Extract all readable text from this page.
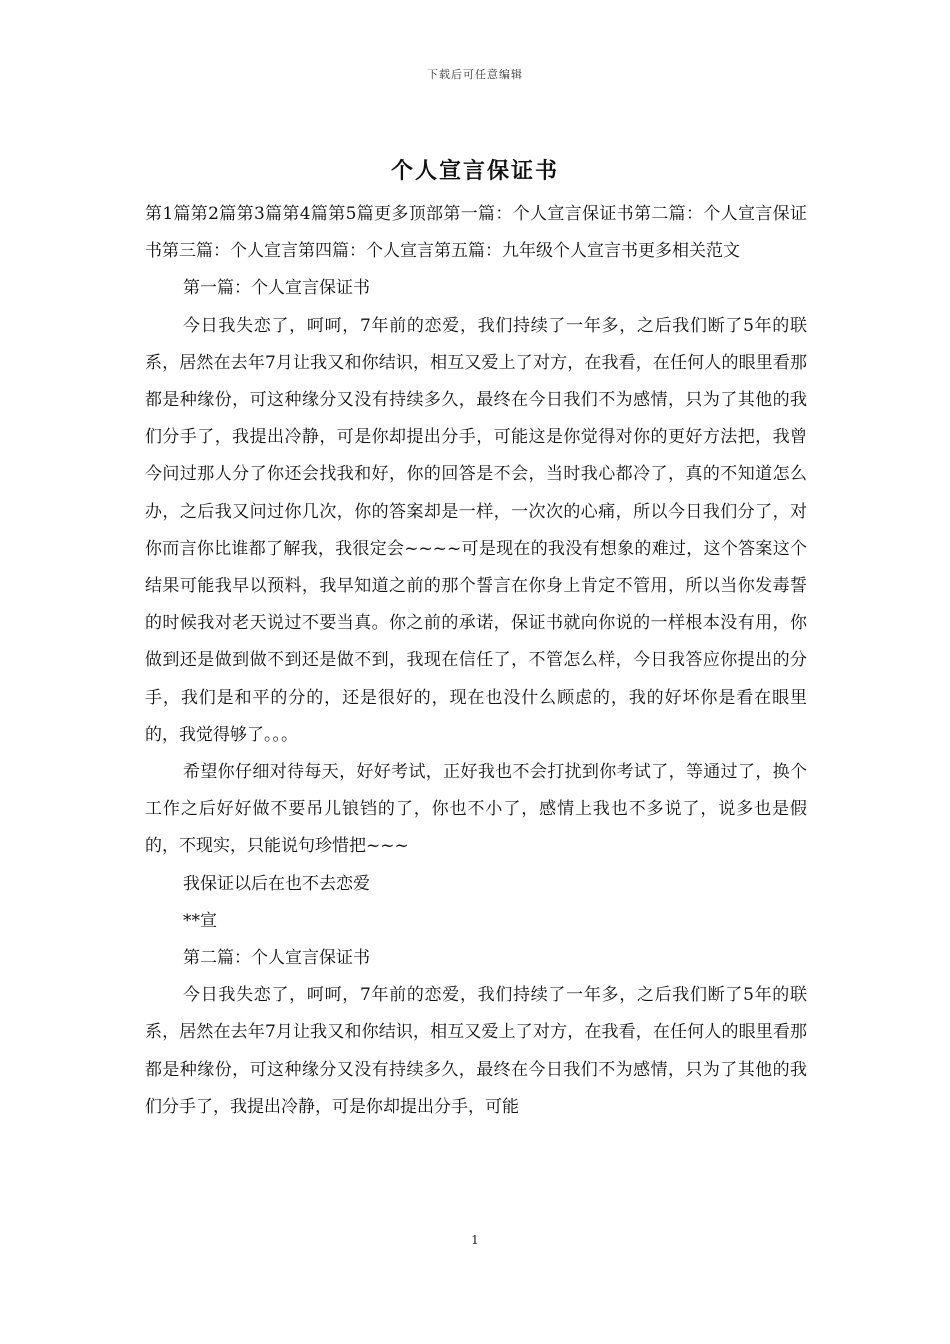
下载后可任意编辑
个人宣言保证书

第1篇第2篇第3篇第4篇第5篇更多顶部第一篇：个人宣言保证书第二篇：个人宣言保证书第三篇：个人宣言第四篇：个人宣言第五篇：九年级个人宣言书更多相关范文

第一篇：个人宣言保证书

今日我失恋了，呵呵，7年前的恋爱，我们持续了一年多，之后我们断了5年的联系，居然在去年7月让我又和你结识，相互又爱上了对方，在我看，在任何人的眼里看那都是种缘份，可这种缘分又没有持续多久，最终在今日我们不为感情，只为了其他的我们分手了，我提出冷静，可是你却提出分手，可能这是你觉得对你的更好方法把，我曾今问过那人分了你还会找我和好，你的回答是不会，当时我心都冷了，真的不知道怎么办，之后我又问过你几次，你的答案却是一样，一次次的心痛，所以今日我们分了，对你而言你比谁都了解我，我很定会~~~~可是现在的我没有想象的难过，这个答案这个结果可能我早以预料，我早知道之前的那个誓言在你身上肯定不管用，所以当你发毒誓的时候我对老天说过不要当真。你之前的承诺，保证书就向你说的一样根本没有用，你做到还是做到做不到还是做不到，我现在信任了，不管怎么样，今日我答应你提出的分手，我们是和平的分的，还是很好的，现在也没什么顾虑的，我的好坏你是看在眼里的，我觉得够了。。。

希望你仔细对待每天，好好考试，正好我也不会打扰到你考试了，等通过了，换个工作之后好好做不要吊儿锒铛的了，你也不小了，感情上我也不多说了，说多也是假的，不现实，只能说句珍惜把~~~

我保证以后在也不去恋爱

**宣

第二篇：个人宣言保证书

今日我失恋了，呵呵，7年前的恋爱，我们持续了一年多，之后我们断了5年的联系，居然在去年7月让我又和你结识，相互又爱上了对方，在我看，在任何人的眼里看那都是种缘份，可这种缘分又没有持续多久，最终在今日我们不为感情，只为了其他的我们分手了，我提出冷静，可是你却提出分手，可能

1
